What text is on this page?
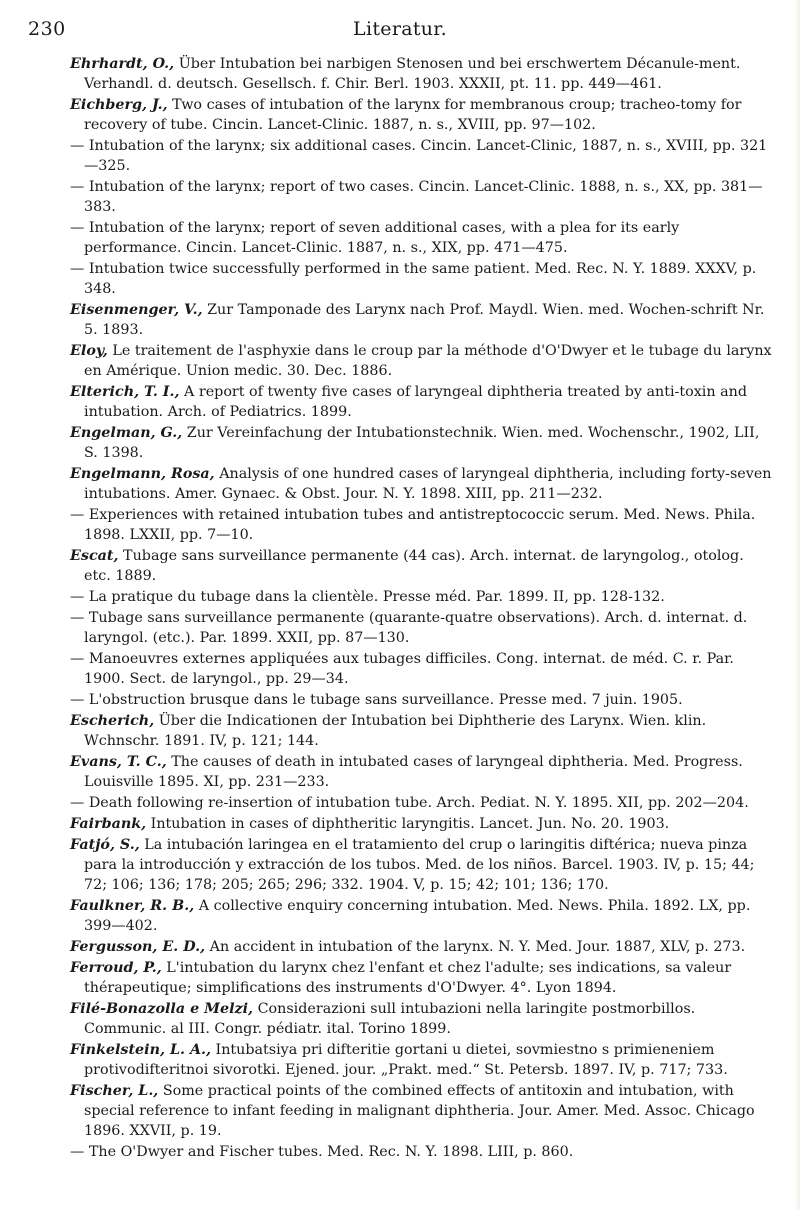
230	Literatur.

Ehrhardt, O., Über Intubation bei narbigen Stenosen und bei erschwertem Décanule-ment. Verhandl. d. deutsch. Gesellsch. f. Chir. Berl. 1903. XXXII, pt. 11. pp. 449—461.

Eichberg, J., Two cases of intubation of the larynx for membranous croup; tracheo-tomy for recovery of tube. Cincin. Lancet-Clinic. 1887, n. s., XVIII, pp. 97—102.

— Intubation of the larynx; six additional cases. Cincin. Lancet-Clinic, 1887, n. s., XVIII, pp. 321—325.

— Intubation of the larynx; report of two cases. Cincin. Lancet-Clinic. 1888, n. s., XX, pp. 381—383.

— Intubation of the larynx; report of seven additional cases, with a plea for its early performance. Cincin. Lancet-Clinic. 1887, n. s., XIX, pp. 471—475.

— Intubation twice successfully performed in the same patient. Med. Rec. N. Y. 1889. XXXV, p. 348.

Eisenmenger, V., Zur Tamponade des Larynx nach Prof. Maydl. Wien. med. Wochen-schrift Nr. 5. 1893.

Eloy, Le traitement de l'asphyxie dans le croup par la méthode d'O'Dwyer et le tubage du larynx en Amérique. Union medic. 30. Dec. 1886.

Elterich, T. I., A report of twenty five cases of laryngeal diphtheria treated by anti-toxin and intubation. Arch. of Pediatrics. 1899.

Engelman, G., Zur Vereinfachung der Intubationstechnik. Wien. med. Wochenschr., 1902, LII, S. 1398.

Engelmann, Rosa, Analysis of one hundred cases of laryngeal diphtheria, including forty-seven intubations. Amer. Gynaec. & Obst. Jour. N. Y. 1898. XIII, pp. 211—232.

— Experiences with retained intubation tubes and antistreptococcic serum. Med. News. Phila. 1898. LXXII, pp. 7—10.

Escat, Tubage sans surveillance permanente (44 cas). Arch. internat. de laryngolog., otolog. etc. 1889.

— La pratique du tubage dans la clientèle. Presse méd. Par. 1899. II, pp. 128-132.

— Tubage sans surveillance permanente (quarante-quatre observations). Arch. d. internat. d. laryngol. (etc.). Par. 1899. XXII, pp. 87—130.

— Manoeuvres externes appliquées aux tubages difficiles. Cong. internat. de méd. C. r. Par. 1900. Sect. de laryngol., pp. 29—34.

— L'obstruction brusque dans le tubage sans surveillance. Presse med. 7 juin. 1905.

Escherich, Über die Indicationen der Intubation bei Diphtherie des Larynx. Wien. klin. Wchnschr. 1891. IV, p. 121; 144.

Evans, T. C., The causes of death in intubated cases of laryngeal diphtheria. Med. Progress. Louisville 1895. XI, pp. 231—233.

— Death following re-insertion of intubation tube. Arch. Pediat. N. Y. 1895. XII, pp. 202—204.

Fairbank, Intubation in cases of diphtheritic laryngitis. Lancet. Jun. No. 20. 1903.

Fatjó, S., La intubación laringea en el tratamiento del crup o laringitis diftérica; nueva pinza para la introducción y extracción de los tubos. Med. de los niños. Barcel. 1903. IV, p. 15; 44; 72; 106; 136; 178; 205; 265; 296; 332. 1904. V, p. 15; 42; 101; 136; 170.

Faulkner, R. B., A collective enquiry concerning intubation. Med. News. Phila. 1892. LX, pp. 399—402.

Fergusson, E. D., An accident in intubation of the larynx. N. Y. Med. Jour. 1887, XLV, p. 273.

Ferroud, P., L'intubation du larynx chez l'enfant et chez l'adulte; ses indications, sa valeur thérapeutique; simplifications des instruments d'O'Dwyer. 4°. Lyon 1894.

Filé-Bonazolla e Melzi, Considerazioni sull intubazioni nella laringite postmorbillos. Communic. al III. Congr. pédiatr. ital. Torino 1899.

Finkelstein, L. A., Intubatsiya pri difteritie gortani u dietei, sovmiestno s primieneniem protivodifteritnoi sivorotki. Ejened. jour. „Prakt. med.“ St. Petersb. 1897. IV, p. 717; 733.

Fischer, L., Some practical points of the combined effects of antitoxin and intubation, with special reference to infant feeding in malignant diphtheria. Jour. Amer. Med. Assoc. Chicago 1896. XXVII, p. 19.

— The O'Dwyer and Fischer tubes. Med. Rec. N. Y. 1898. LIII, p. 860.
